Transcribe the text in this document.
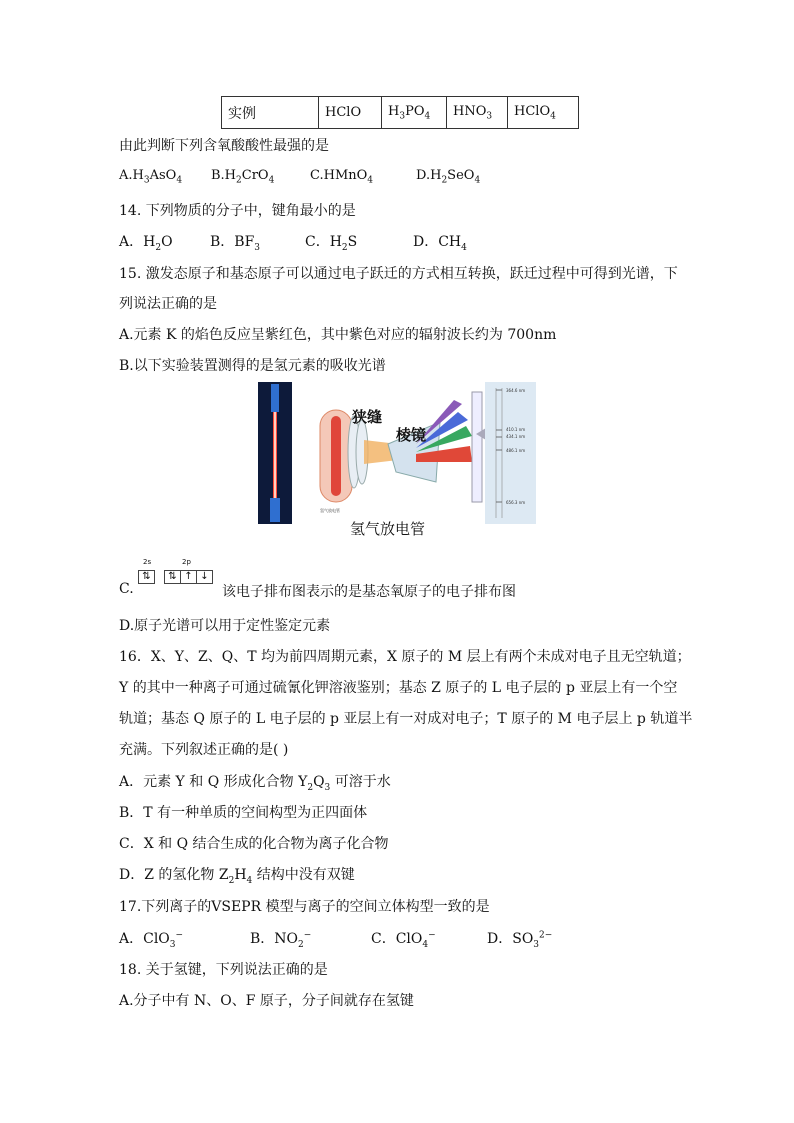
实例	HClO	$H_3PO_4$	$HNO_3$	HClO$_4$
由此判断下列含氧酸酸性最强的是
$A.H_3AsO_4$ $B.H_2CrO_4$	C.HMnO$_4$	$D.H_2SeO_4$
14. 下列物质的分子中，键角最小的是
A．$H_2O$	B．$BF_3$	C．$H_2S$	D．$CH_4$
15. 激发态原子和基态原子可以通过电子跃迁的方式相互转换，跃迁过程中可得到光谱，下
列说法正确的是
A.元素 K 的焰色反应呈紫红色，其中紫色对应的辐射波长约为 700nm
B.以下实验装置测得的是氢元素的吸收光谱
氢气放电管
364.6 nm
410.1 nm
434.1 nm
486.1 nm
656.3 nm
狭缝
棱镜
氢气放电管
C.
2s	2p
⇅	⇅ ↑ ↓
该电子排布图表示的是基态氧原子的电子排布图
D.原子光谱可以用于定性鉴定元素
16．X、Y、Z、Q、T 均为前四周期元素，X 原子的 M 层上有两个未成对电子且无空轨道；
Y 的其中一种离子可通过硫氰化钾溶液鉴别；基态 Z 原子的 L 电子层的 p 亚层上有一个空
轨道；基态 Q 原子的 L 电子层的 p 亚层上有一对成对电子；T 原子的 M 电子层上 p 轨道半
充满。下列叙述正确的是( )
A．元素 Y 和 Q 形成化合物 $Y_2Q_3$ 可溶于水
B．T 有一种单质的空间构型为正四面体
C．X 和 Q 结合生成的化合物为离子化合物
D．Z 的氢化物 $Z_2H_4$ 结构中没有双键
17.下列离子的VSEPR 模型与离子的空间立体构型一致的是
A．ClO$_3$−	B．$NO_2^-$	C．ClO$_4$−	D．$SO_3^{2-}$
18. 关于氢键，下列说法正确的是
A.分子中有 N、O、F 原子，分子间就存在氢键
